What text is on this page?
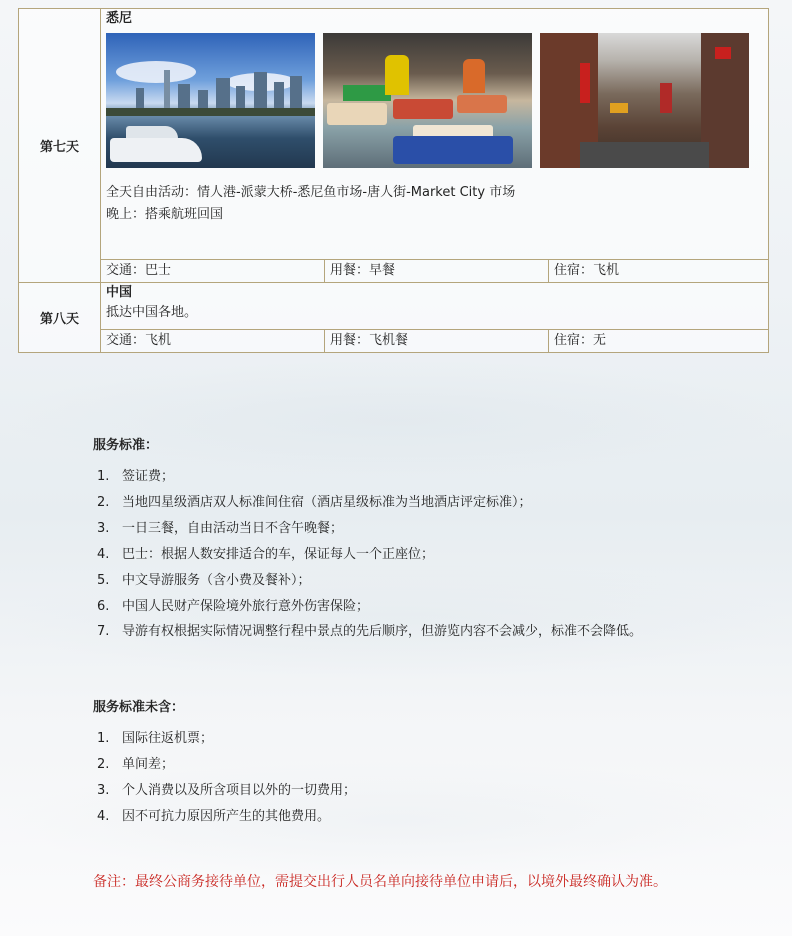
第七天	悉尼
全天自由活动：情人港-派蒙大桥-悉尼鱼市场-唐人街-Market City 市场
晚上：搭乘航班回国		

	交通：巴士	用餐：早餐	住宿：飞机
第八天	中国
抵达中国各地。		

	交通：飞机	用餐：飞机餐	住宿：无
服务标准：
1. 签证费；
2. 当地四星级酒店双人标准间住宿（酒店星级标准为当地酒店评定标准）；
3. 一日三餐，自由活动当日不含午晚餐；
4. 巴士：根据人数安排适合的车，保证每人一个正座位；
5. 中文导游服务（含小费及餐补）；
6. 中国人民财产保险境外旅行意外伤害保险；
7. 导游有权根据实际情况调整行程中景点的先后顺序，但游览内容不会减少，标准不会降低。
服务标准未含：
1. 国际往返机票；
2. 单间差；
3. 个人消费以及所含项目以外的一切费用；
4. 因不可抗力原因所产生的其他费用。
备注：最终公商务接待单位，需提交出行人员名单向接待单位申请后，以境外最终确认为准。
